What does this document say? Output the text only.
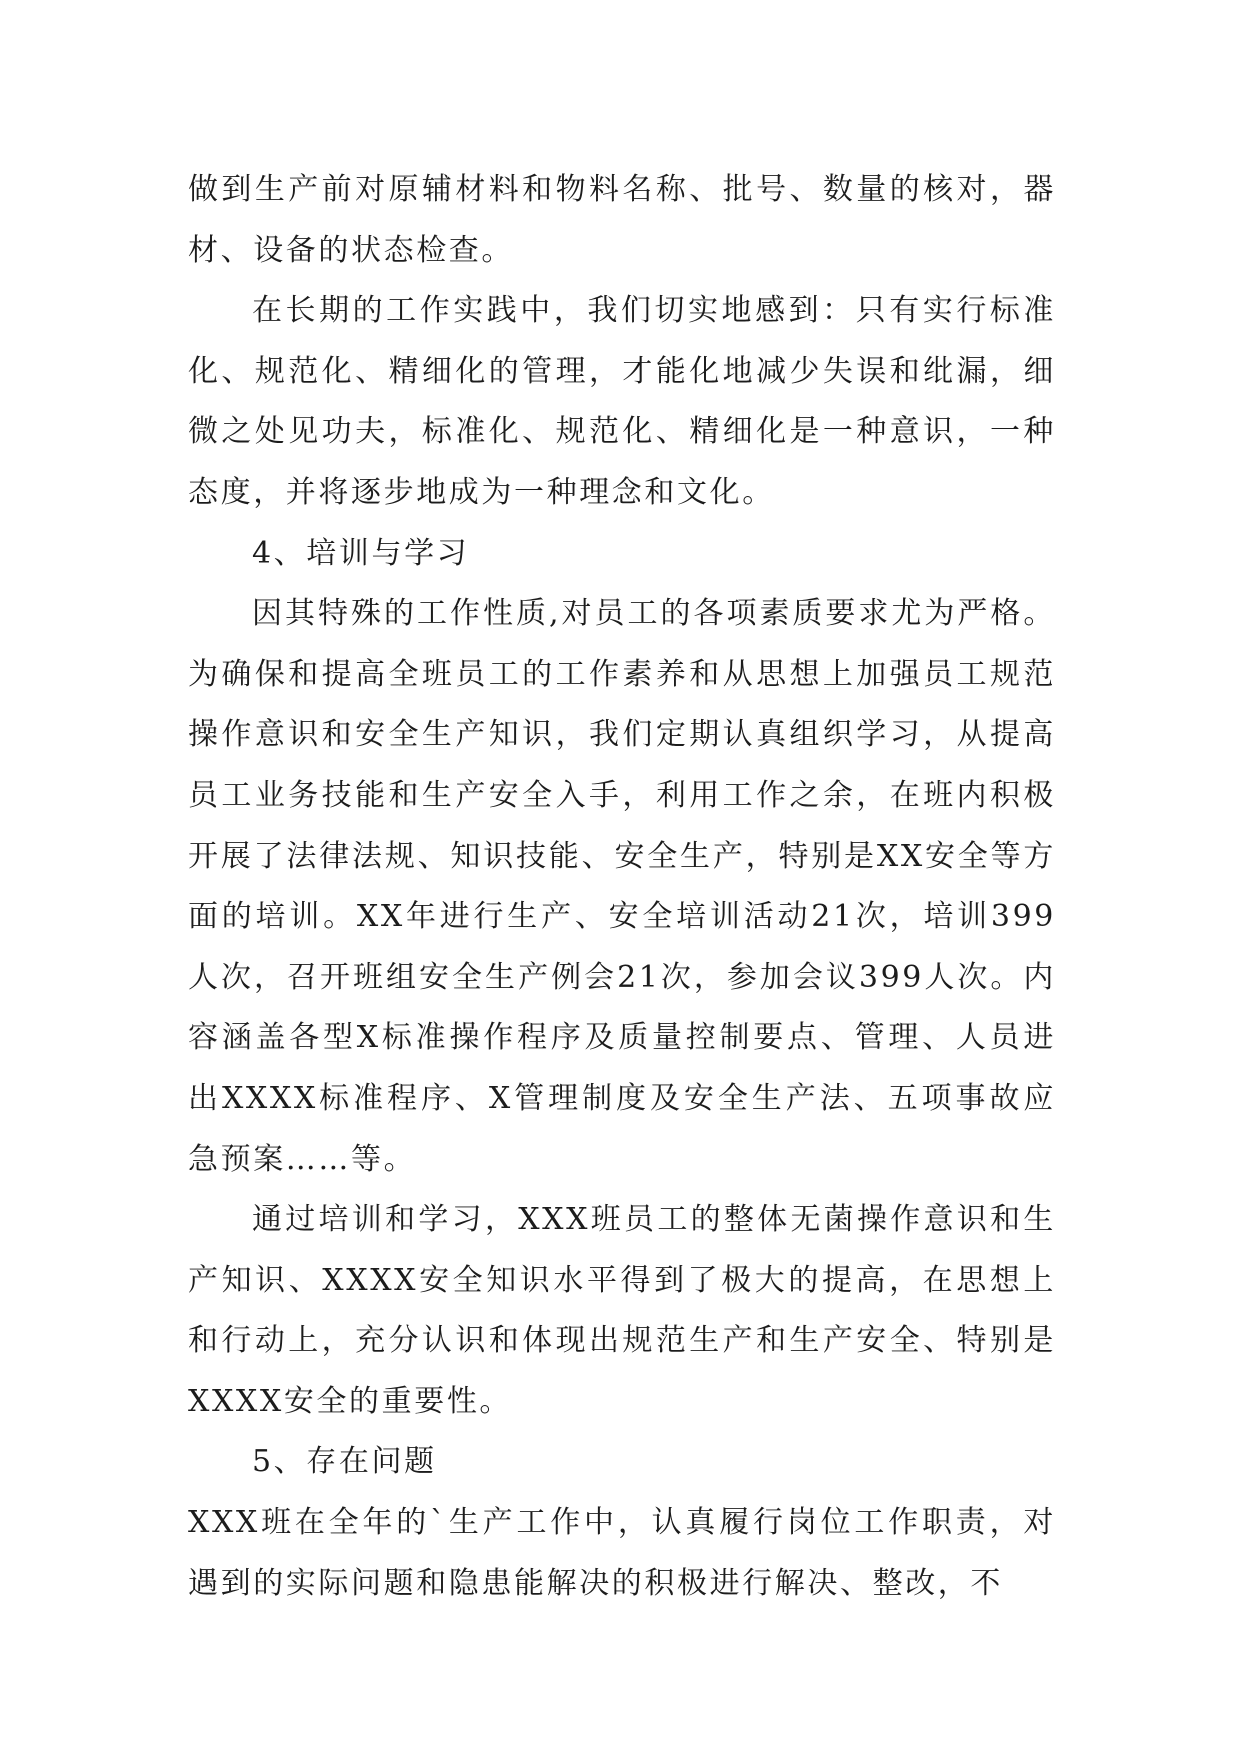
做到生产前对原辅材料和物料名称、批号、数量的核对，器材、设备的状态检查。

在长期的工作实践中，我们切实地感到：只有实行标准化、规范化、精细化的管理，才能化地减少失误和纰漏，细微之处见功夫，标准化、规范化、精细化是一种意识，一种态度，并将逐步地成为一种理念和文化。

4、培训与学习

因其特殊的工作性质,对员工的各项素质要求尤为严格。为确保和提高全班员工的工作素养和从思想上加强员工规范操作意识和安全生产知识，我们定期认真组织学习，从提高员工业务技能和生产安全入手，利用工作之余，在班内积极开展了法律法规、知识技能、安全生产，特别是XX安全等方面的培训。XX年进行生产、安全培训活动21次，培训399人次，召开班组安全生产例会21次，参加会议399人次。内容涵盖各型X标准操作程序及质量控制要点、管理、人员进出XXXX标准程序、X管理制度及安全生产法、五项事故应急预案……等。

通过培训和学习，XXX班员工的整体无菌操作意识和生产知识、XXXX安全知识水平得到了极大的提高，在思想上和行动上，充分认识和体现出规范生产和生产安全、特别是XXXX安全的重要性。

5、存在问题

XXX班在全年的`生产工作中，认真履行岗位工作职责，对遇到的实际问题和隐患能解决的积极进行解决、整改，不
